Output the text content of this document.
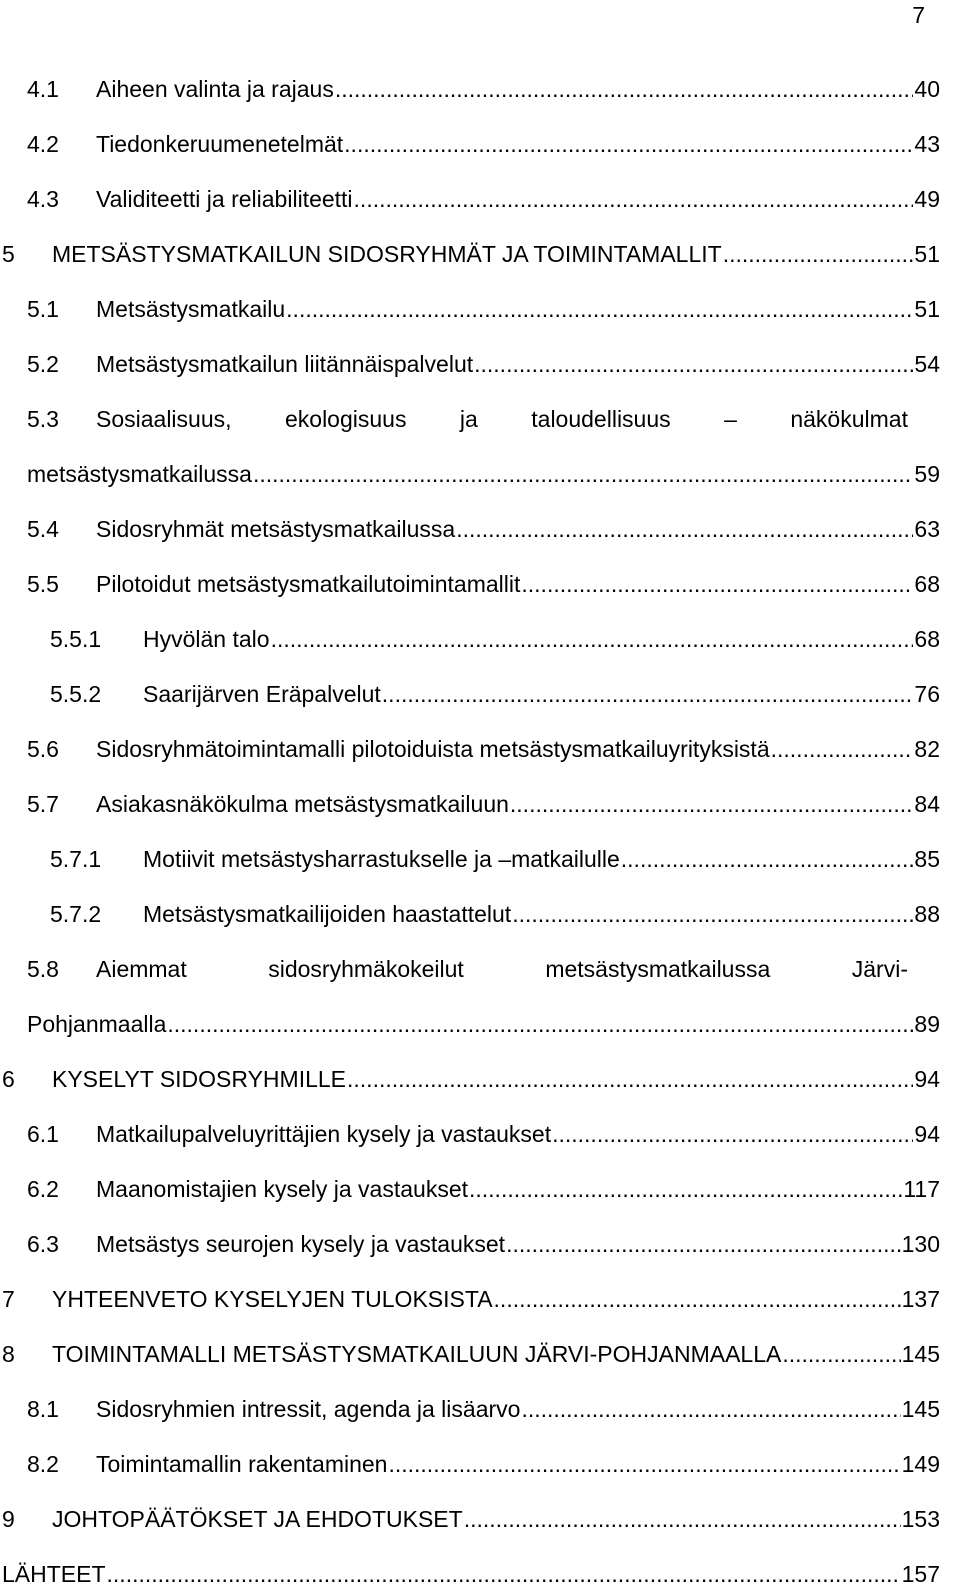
7
4.1 Aiheen valinta ja rajaus .....	40
4.2 Tiedonkeruumenetelmät .....	43
4.3 Validiteetti ja reliabiliteetti .....	49
5 METSÄSTYSMATKAILUN SIDOSRYHMÄT JA TOIMINTAMALLIT .....	51
5.1 Metsästysmatkailu .....	51
5.2 Metsästysmatkailun liitännäispalvelut .....	54
5.3 Sosiaalisuus, ekologisuus ja taloudellisuus – näkökulmat
metsästysmatkailussa .....	59
5.4 Sidosryhmät metsästysmatkailussa .....	63
5.5 Pilotoidut metsästysmatkailutoimintamallit .....	68
5.5.1 Hyvölän talo .....	68
5.5.2 Saarijärven Eräpalvelut .....	76
5.6 Sidosryhmätoimintamalli pilotoiduista metsästysmatkailuyrityksistä .....	82
5.7 Asiakasnäkökulma metsästysmatkailuun .....	84
5.7.1 Motiivit metsästysharrastukselle ja –matkailulle .....	85
5.7.2 Metsästysmatkailijoiden haastattelut .....	88
5.8 Aiemmat	sidosryhmäkokeilut	metsästysmatkailussa	Järvi-
Pohjanmaalla .....	89
6 KYSELYT SIDOSRYHMILLE .....	94
6.1 Matkailupalveluyrittäjien kysely ja vastaukset .....	94
6.2 Maanomistajien kysely ja vastaukset .....	117
6.3 Metsästys seurojen kysely ja vastaukset .....	130
7 YHTEENVETO KYSELYJEN TULOKSISTA .....	137
8 TOIMINTAMALLI METSÄSTYSMATKAILUUN JÄRVI-POHJANMAALLA .....	145
8.1 Sidosryhmien intressit, agenda ja lisäarvo .....	145
8.2 Toimintamallin rakentaminen .....	149
9 JOHTOPÄÄTÖKSET JA EHDOTUKSET .....	153
LÄHTEET .....	157
